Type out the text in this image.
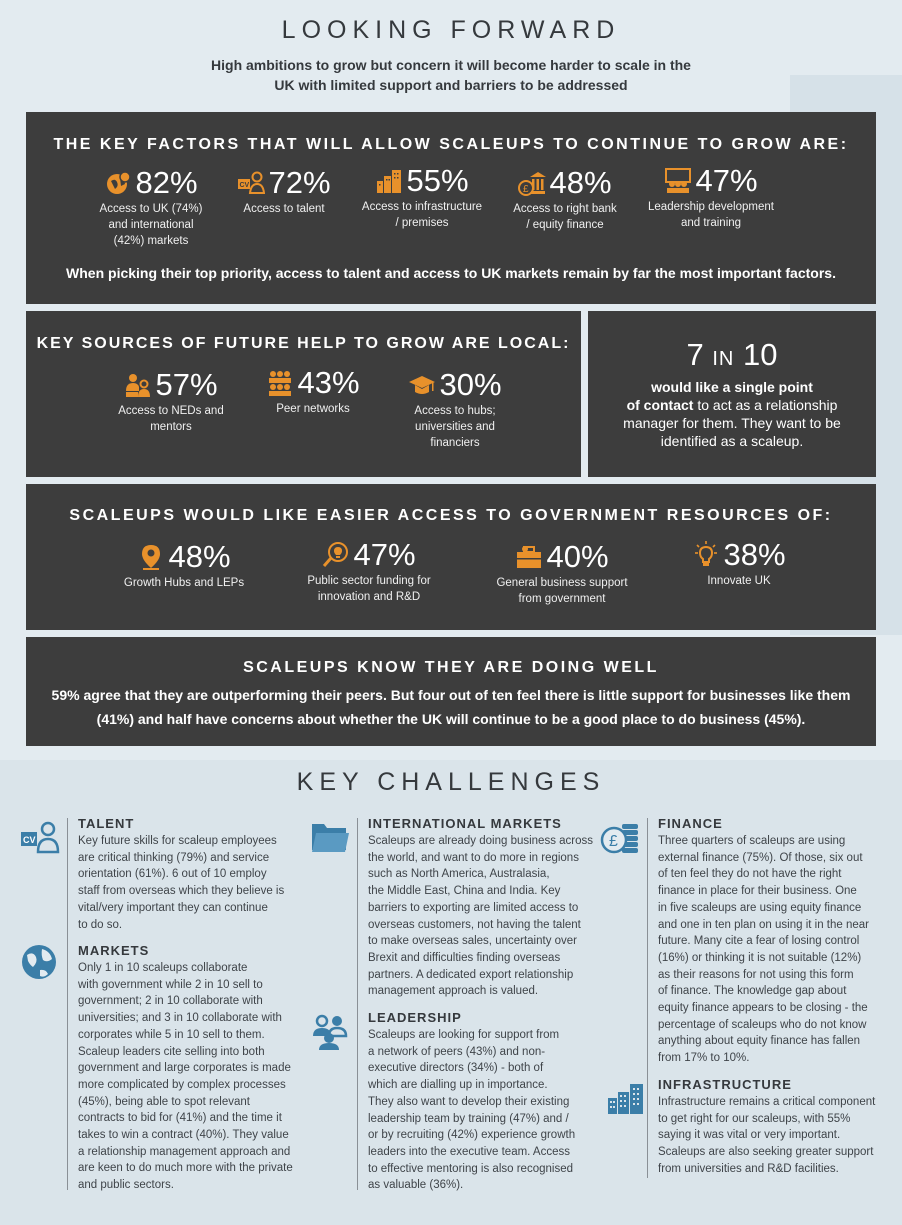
LOOKING FORWARD
High ambitions to grow but concern it will become harder to scale in the
UK with limited support and barriers to be addressed
THE KEY FACTORS THAT WILL ALLOW SCALEUPS TO CONTINUE TO GROW ARE:
82%
Access to UK (74%)
and international
(42%) markets
CV 72%
Access to talent
55%
Access to infrastructure
/ premises
£ 48%
Access to right bank
/ equity finance
47%
Leadership development
and training
When picking their top priority, access to talent and access to UK markets remain by far the most important factors.
KEY SOURCES OF FUTURE HELP TO GROW ARE LOCAL:
57%
Access to NEDs and
mentors
43%
Peer networks
30%
Access to hubs;
universities and
financiers
7 IN 10
would like a single point
of contact to act as a relationship
manager for them. They want to be
identified as a scaleup.
SCALEUPS WOULD LIKE EASIER ACCESS TO GOVERNMENT RESOURCES OF:
48%
Growth Hubs and LEPs
47%
Public sector funding for
innovation and R&D
40%
General business support
from government
38%
Innovate UK
SCALEUPS KNOW THEY ARE DOING WELL
59% agree that they are outperforming their peers. But four out of ten feel there is little support for businesses like them
(41%) and half have concerns about whether the UK will continue to be a good place to do business (45%).
KEY CHALLENGES
CV
TALENT
Key future skills for scaleup employees
are critical thinking (79%) and service
orientation (61%). 6 out of 10 employ
staff from overseas which they believe is
vital/very important they can continue
to do so.
MARKETS
Only 1 in 10 scaleups collaborate
with government while 2 in 10 sell to
government; 2 in 10 collaborate with
universities; and 3 in 10 collaborate with
corporates while 5 in 10 sell to them.
Scaleup leaders cite selling into both
government and large corporates is made
more complicated by complex processes
(45%), being able to spot relevant
contracts to bid for (41%) and the time it
takes to win a contract (40%). They value
a relationship management approach and
are keen to do much more with the private
and public sectors.
INTERNATIONAL MARKETS
Scaleups are already doing business across
the world, and want to do more in regions
such as North America, Australasia,
the Middle East, China and India. Key
barriers to exporting are limited access to
overseas customers, not having the talent
to make overseas sales, uncertainty over
Brexit and difficulties finding overseas
partners. A dedicated export relationship
management approach is valued.
LEADERSHIP
Scaleups are looking for support from
a network of peers (43%) and non-
executive directors (34%) - both of
which are dialling up in importance.
They also want to develop their existing
leadership team by training (47%) and /
or by recruiting (42%) experience growth
leaders into the executive team. Access
to effective mentoring is also recognised
as valuable (36%).
£
FINANCE
Three quarters of scaleups are using
external finance (75%). Of those, six out
of ten feel they do not have the right
finance in place for their business. One
in five scaleups are using equity finance
and one in ten plan on using it in the near
future. Many cite a fear of losing control
(16%) or thinking it is not suitable (12%)
as their reasons for not using this form
of finance. The knowledge gap about
equity finance appears to be closing - the
percentage of scaleups who do not know
anything about equity finance has fallen
from 17% to 10%.
INFRASTRUCTURE
Infrastructure remains a critical component
to get right for our scaleups, with 55%
saying it was vital or very important.
Scaleups are also seeking greater support
from universities and R&D facilities.
